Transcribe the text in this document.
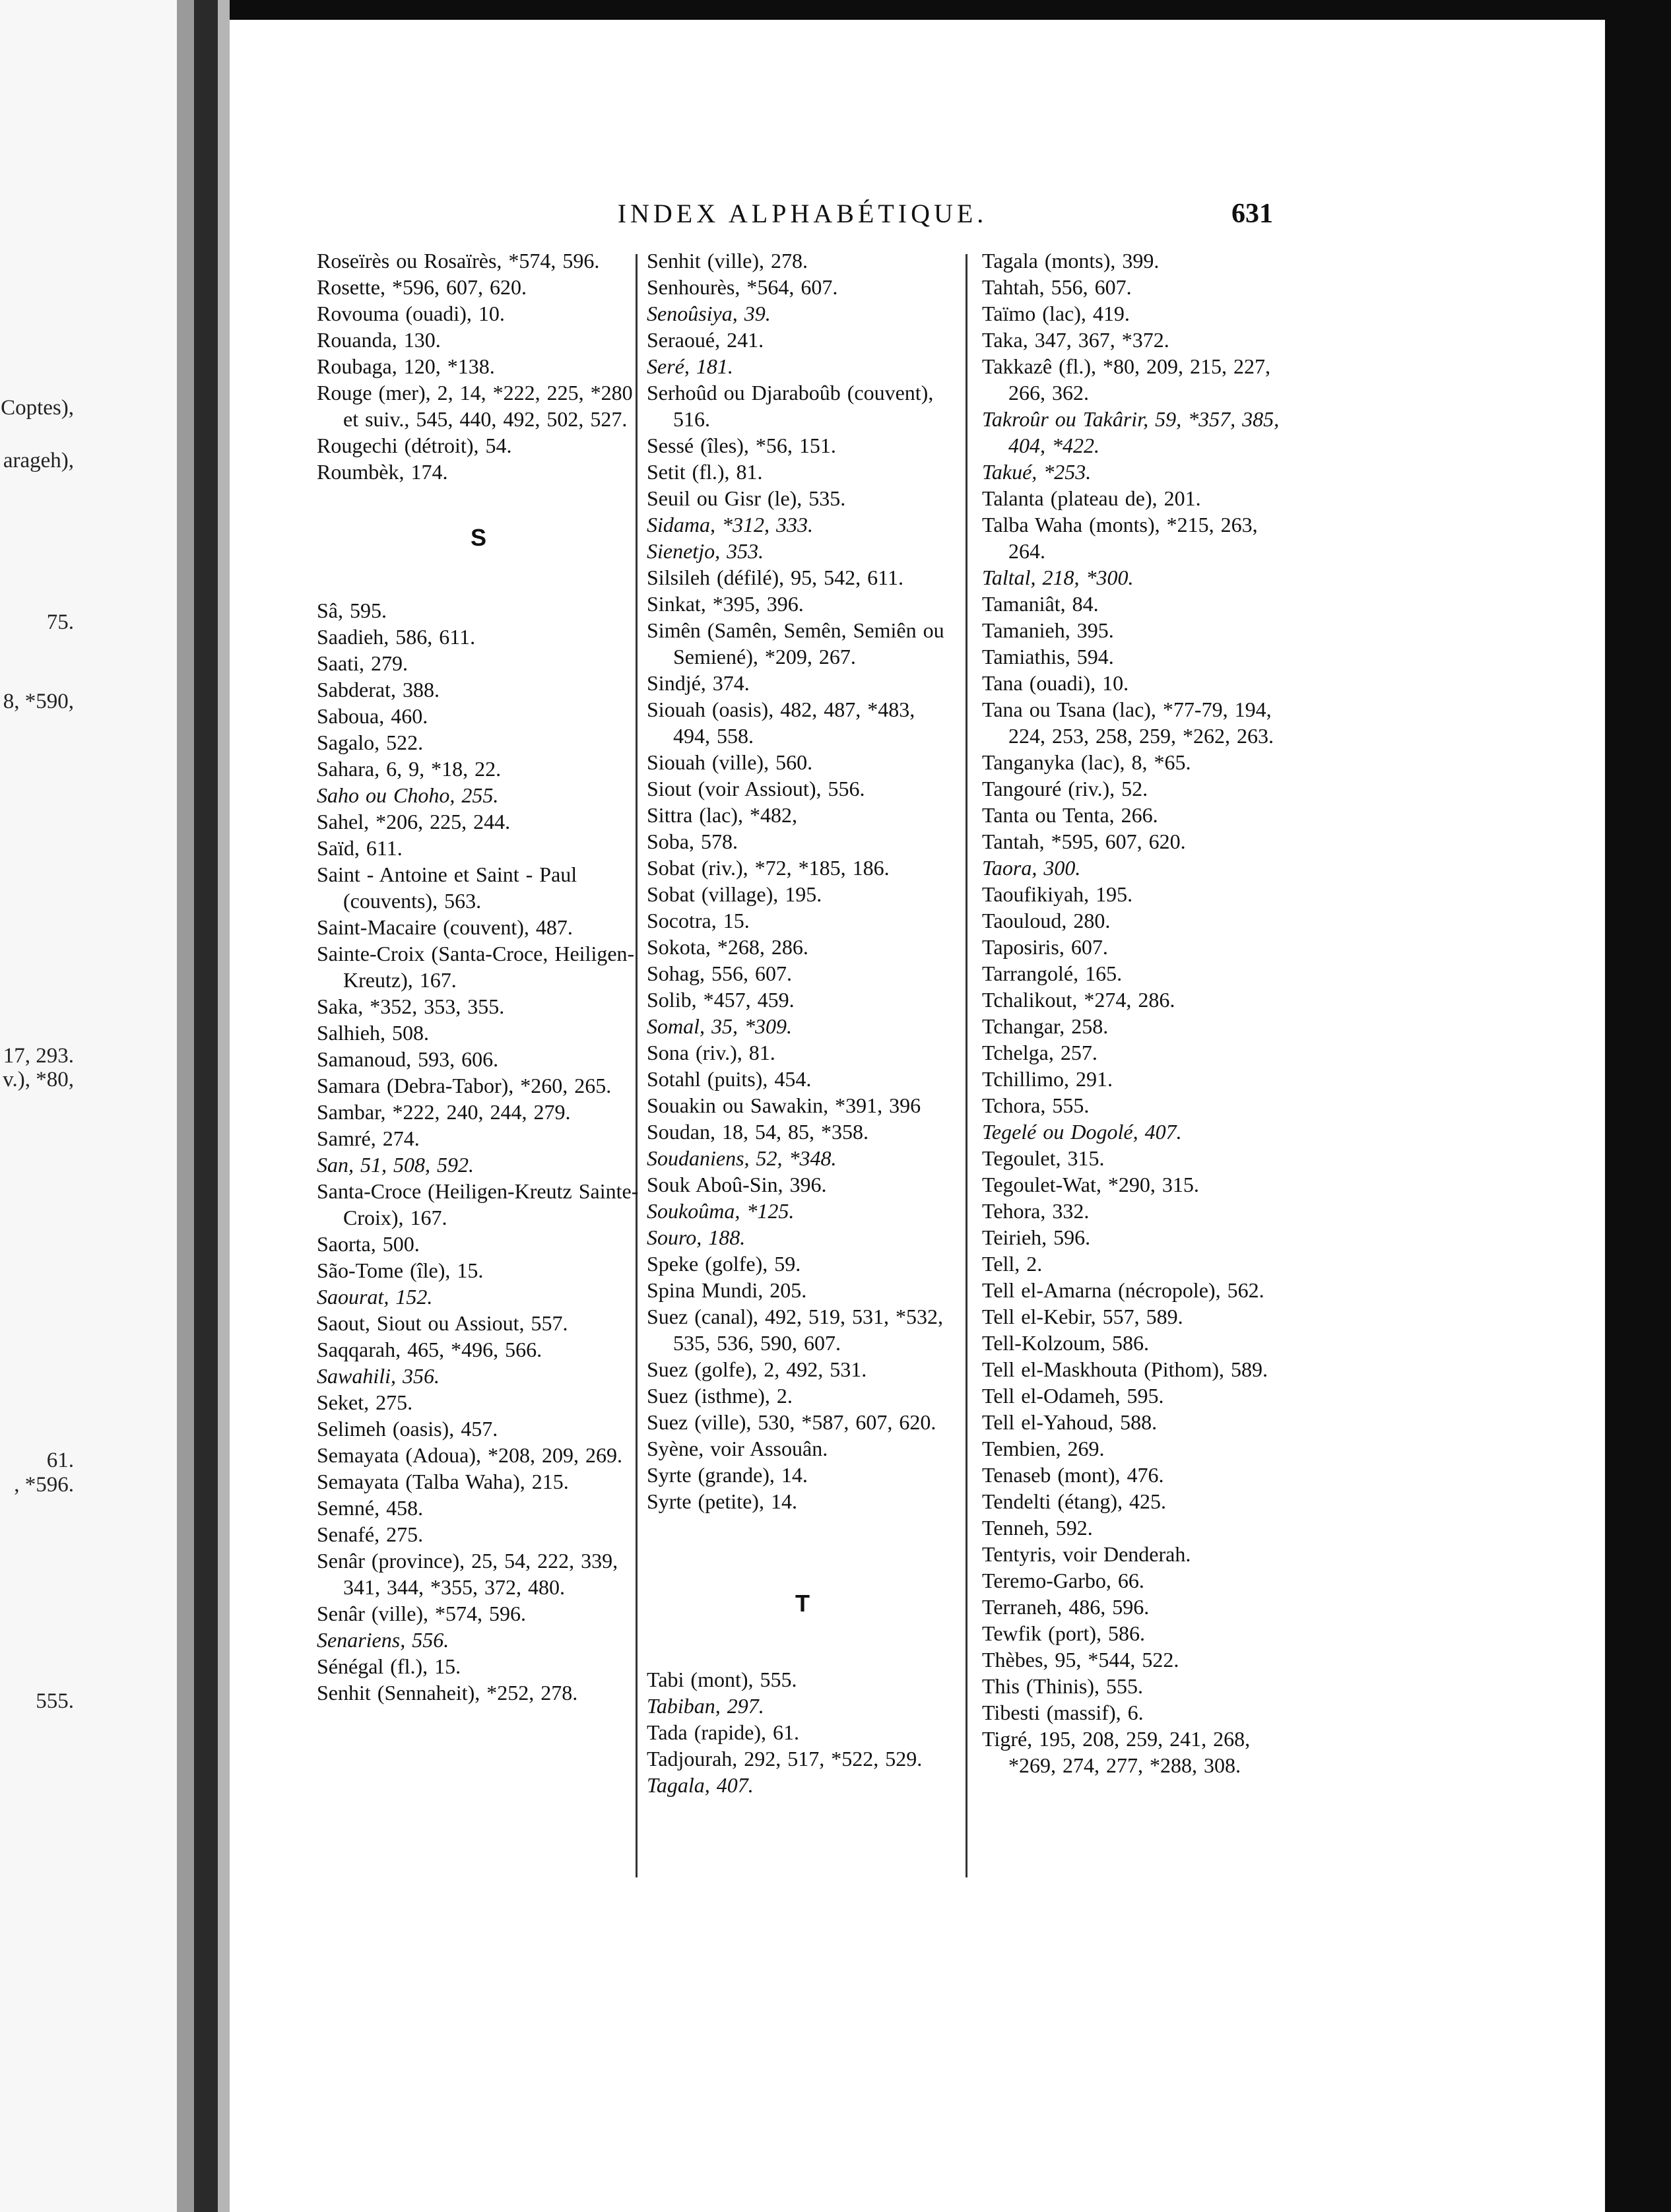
Coptes),
arageh),
75.
8, *590,
17, 293.
v.), *80,
61.
, *596.
555.
INDEX ALPHABÉTIQUE.	631
Roseïrès ou Rosaïrès, *574, 596.
Rosette, *596, 607, 620.
Rovouma (ouadi), 10.
Rouanda, 130.
Roubaga, 120, *138.
Rouge (mer), 2, 14, *222, 225, *280 et suiv., 545, 440, 492, 502, 527.
Rougechi (détroit), 54.
Roumbèk, 174.
S
Sâ, 595.
Saadieh, 586, 611.
Saati, 279.
Sabderat, 388.
Saboua, 460.
Sagalo, 522.
Sahara, 6, 9, *18, 22.
Saho ou Choho, 255.
Sahel, *206, 225, 244.
Saïd, 611.
Saint - Antoine et Saint - Paul (couvents), 563.
Saint-Macaire (couvent), 487.
Sainte-Croix (Santa-Croce, Heiligen-Kreutz), 167.
Saka, *352, 353, 355.
Salhieh, 508.
Samanoud, 593, 606.
Samara (Debra-Tabor), *260, 265.
Sambar, *222, 240, 244, 279.
Samré, 274.
San, 51, 508, 592.
Santa-Croce (Heiligen-Kreutz Sainte-Croix), 167.
Saorta, 500.
São-Tome (île), 15.
Saourat, 152.
Saout, Siout ou Assiout, 557.
Saqqarah, 465, *496, 566.
Sawahili, 356.
Seket, 275.
Selimeh (oasis), 457.
Semayata (Adoua), *208, 209, 269.
Semayata (Talba Waha), 215.
Semné, 458.
Senafé, 275.
Senâr (province), 25, 54, 222, 339, 341, 344, *355, 372, 480.
Senâr (ville), *574, 596.
Senariens, 556.
Sénégal (fl.), 15.
Senhit (Sennaheit), *252, 278.
Senhit (ville), 278.
Senhourès, *564, 607.
Senoûsiya, 39.
Seraoué, 241.
Seré, 181.
Serhoûd ou Djaraboûb (couvent), 516.
Sessé (îles), *56, 151.
Setit (fl.), 81.
Seuil ou Gisr (le), 535.
Sidama, *312, 333.
Sienetjo, 353.
Silsileh (défilé), 95, 542, 611.
Sinkat, *395, 396.
Simên (Samên, Semên, Semiên ou Semiené), *209, 267.
Sindjé, 374.
Siouah (oasis), 482, 487, *483, 494, 558.
Siouah (ville), 560.
Siout (voir Assiout), 556.
Sittra (lac), *482,
Soba, 578.
Sobat (riv.), *72, *185, 186.
Sobat (village), 195.
Socotra, 15.
Sokota, *268, 286.
Sohag, 556, 607.
Solib, *457, 459.
Somal, 35, *309.
Sona (riv.), 81.
Sotahl (puits), 454.
Souakin ou Sawakin, *391, 396
Soudan, 18, 54, 85, *358.
Soudaniens, 52, *348.
Souk Aboû-Sin, 396.
Soukoûma, *125.
Souro, 188.
Speke (golfe), 59.
Spina Mundi, 205.
Suez (canal), 492, 519, 531, *532, 535, 536, 590, 607.
Suez (golfe), 2, 492, 531.
Suez (isthme), 2.
Suez (ville), 530, *587, 607, 620.
Syène, voir Assouân.
Syrte (grande), 14.
Syrte (petite), 14.
T
Tabi (mont), 555.
Tabiban, 297.
Tada (rapide), 61.
Tadjourah, 292, 517, *522, 529.
Tagala, 407.
Tagala (monts), 399.
Tahtah, 556, 607.
Taïmo (lac), 419.
Taka, 347, 367, *372.
Takkazê (fl.), *80, 209, 215, 227, 266, 362.
Takroûr ou Takârir, 59, *357, 385, 404, *422.
Takué, *253.
Talanta (plateau de), 201.
Talba Waha (monts), *215, 263, 264.
Taltal, 218, *300.
Tamaniât, 84.
Tamanieh, 395.
Tamiathis, 594.
Tana (ouadi), 10.
Tana ou Tsana (lac), *77-79, 194, 224, 253, 258, 259, *262, 263.
Tanganyka (lac), 8, *65.
Tangouré (riv.), 52.
Tanta ou Tenta, 266.
Tantah, *595, 607, 620.
Taora, 300.
Taoufikiyah, 195.
Taouloud, 280.
Taposiris, 607.
Tarrangolé, 165.
Tchalikout, *274, 286.
Tchangar, 258.
Tchelga, 257.
Tchillimo, 291.
Tchora, 555.
Tegelé ou Dogolé, 407.
Tegoulet, 315.
Tegoulet-Wat, *290, 315.
Tehora, 332.
Teirieh, 596.
Tell, 2.
Tell el-Amarna (nécropole), 562.
Tell el-Kebir, 557, 589.
Tell-Kolzoum, 586.
Tell el-Maskhouta (Pithom), 589.
Tell el-Odameh, 595.
Tell el-Yahoud, 588.
Tembien, 269.
Tenaseb (mont), 476.
Tendelti (étang), 425.
Tenneh, 592.
Tentyris, voir Denderah.
Teremo-Garbo, 66.
Terraneh, 486, 596.
Tewfik (port), 586.
Thèbes, 95, *544, 522.
This (Thinis), 555.
Tibesti (massif), 6.
Tigré, 195, 208, 259, 241, 268, *269, 274, 277, *288, 308.
